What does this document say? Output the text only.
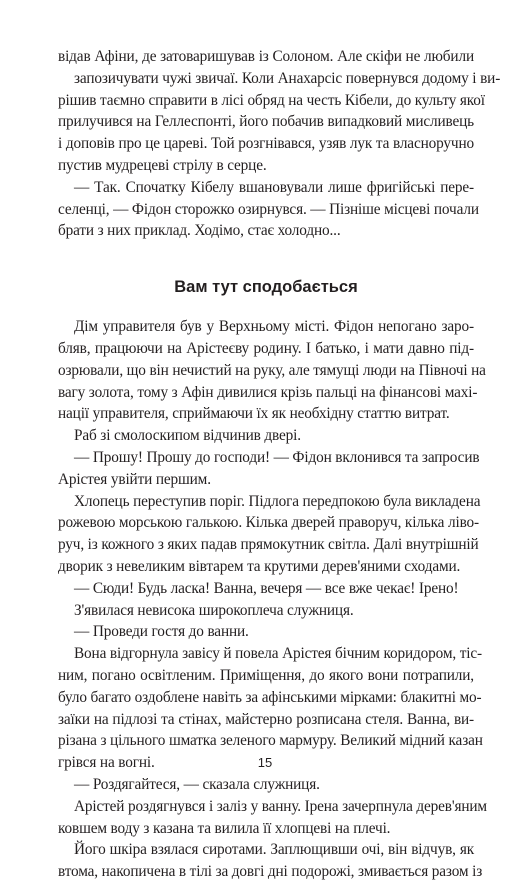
відав Афіни, де затоваришував із Солоном. Але скіфи не любили
запозичувати чужі звичаї. Коли Анахарсіс повернувся додому і ви-
рішив таємно справити в лісі обряд на честь Кібели, до культу якої
прилучився на Геллеспонті, його побачив випадковий мисливець
і доповів про це цареві. Той розгнівався, узяв лук та власноручно
пустив мудрецеві стрілу в серце.
— Так. Спочатку Кібелу вшановували лише фригійські пере-
селенці, — Фідон сторожко озирнувся. — Пізніше місцеві почали
брати з них приклад. Ходімо, стає холодно...
Вам тут сподобається
Дім управителя був у Верхньому місті. Фідон непогано заро-
бляв, працюючи на Арістеєву родину. І батько, і мати давно під-
озрювали, що він нечистий на руку, але тямущі люди на Півночі на
вагу золота, тому з Афін дивилися крізь пальці на фінансові махі-
нації управителя, сприймаючи їх як необхідну статтю витрат.
Раб зі смолоскипом відчинив двері.
— Прошу! Прошу до господи! — Фідон вклонився та запросив
Арістея увійти першим.
Хлопець переступив поріг. Підлога передпокою була викладена
рожевою морською галькою. Кілька дверей праворуч, кілька ліво-
руч, із кожного з яких падав прямокутник світла. Далі внутрішній
дворик з невеликим вівтарем та крутими дерев'яними сходами.
— Сюди! Будь ласка! Ванна, вечеря — все вже чекає! Ірено!
З'явилася невисока широкоплеча служниця.
— Проведи гостя до ванни.
Вона відгорнула завісу й повела Арістея бічним коридором, тіс-
ним, погано освітленим. Приміщення, до якого вони потрапили,
було багато оздоблене навіть за афінськими мірками: блакитні мо-
заїки на підлозі та стінах, майстерно розписана стеля. Ванна, ви-
різана з цільного шматка зеленого мармуру. Великий мідний казан
грівся на вогні.
— Роздягайтеся, — сказала служниця.
Арістей роздягнувся і заліз у ванну. Ірена зачерпнула дерев'яним
ковшем воду з казана та вилила її хлопцеві на плечі.
Його шкіра взялася сиротами. Заплющивши очі, він відчув, як
втома, накопичена в тілі за довгі дні подорожі, змивається разом із
15
